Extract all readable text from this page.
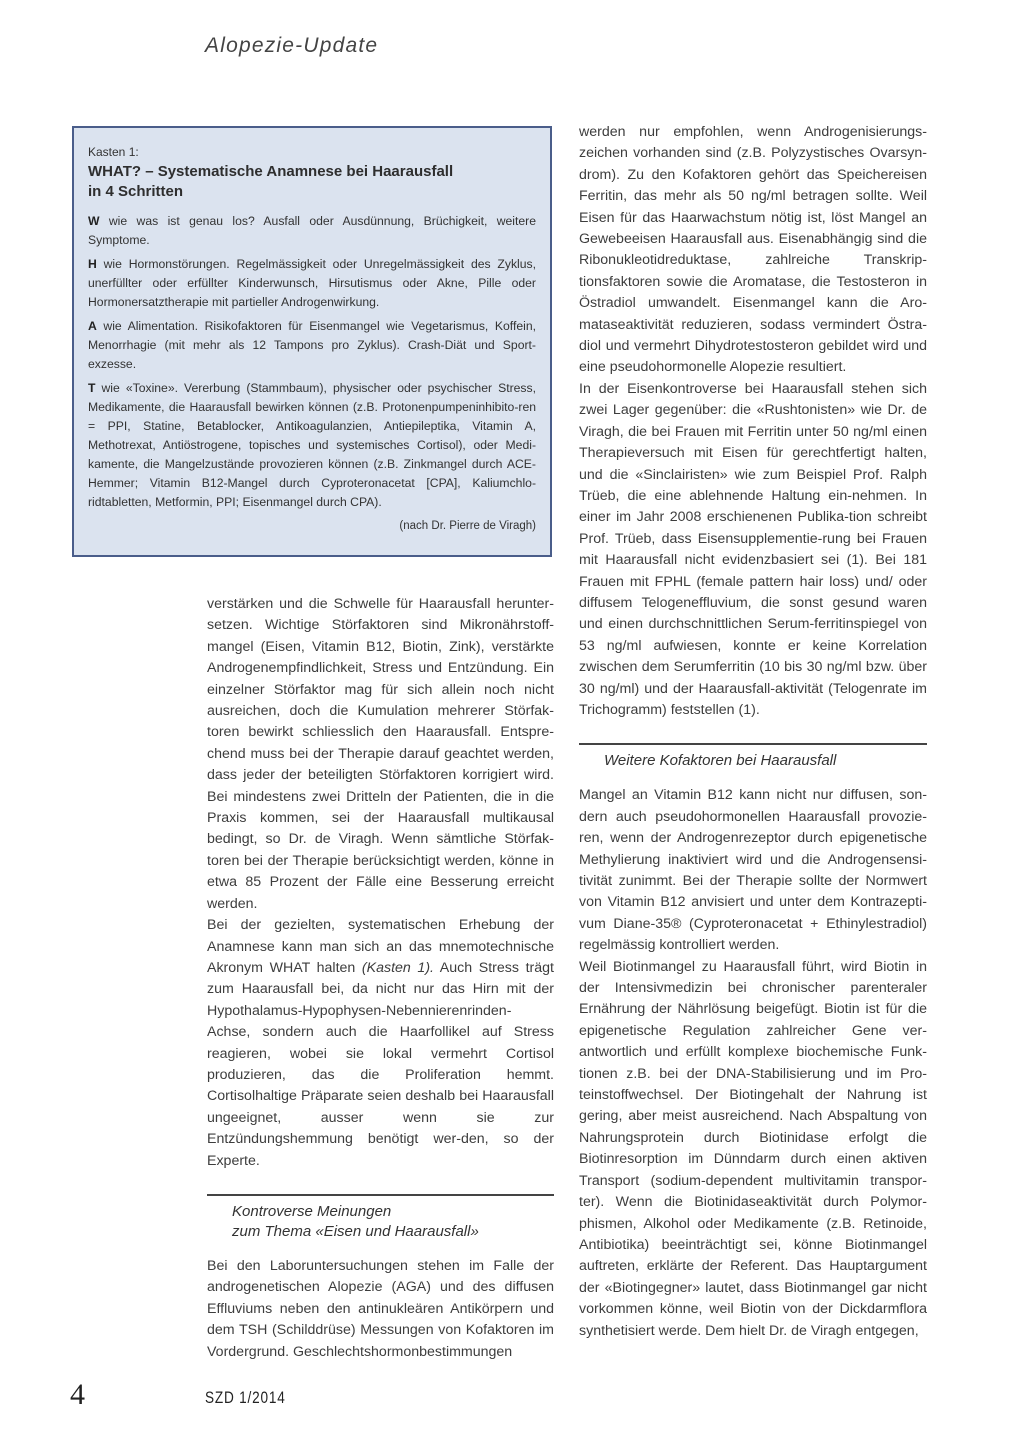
Alopezie-Update
Kasten 1:
WHAT? – Systematische Anamnese bei Haarausfall
in 4 Schritten

W wie was ist genau los? Ausfall oder Ausdünnung, Brüchigkeit, weitere Symptome.

H wie Hormonstörungen. Regelmässigkeit oder Unregelmässigkeit des Zyklus, unerfüllter oder erfüllter Kinderwunsch, Hirsutismus oder Akne, Pille oder Hormonersatztherapie mit partieller Androgenwirkung.

A wie Alimentation. Risikofaktoren für Eisenmangel wie Vegetarismus, Koffein, Menorrhagie (mit mehr als 12 Tampons pro Zyklus). Crash-Diät und Sport-exzesse.

T wie «Toxine». Vererbung (Stammbaum), physischer oder psychischer Stress, Medikamente, die Haarausfall bewirken können (z.B. Protonenpumpeninhibito-ren = PPI, Statine, Betablocker, Antikoagulanzien, Antiepileptika, Vitamin A, Methotrexat, Antiöstrogene, topisches und systemisches Cortisol), oder Medi-kamente, die Mangelzustände provozieren können (z.B. Zinkmangel durch ACE-Hemmer; Vitamin B12-Mangel durch Cyproteronacetat [CPA], Kaliumchlo-ridtabletten, Metformin, PPI; Eisenmangel durch CPA).

(nach Dr. Pierre de Viragh)

verstärken und die Schwelle für Haarausfall herunter-setzen. Wichtige Störfaktoren sind Mikronährstoff-mangel (Eisen, Vitamin B12, Biotin, Zink), verstärkte Androgenempfindlichkeit, Stress und Entzündung. Ein einzelner Störfaktor mag für sich allein noch nicht ausreichen, doch die Kumulation mehrerer Störfak-toren bewirkt schliesslich den Haarausfall. Entspre-chend muss bei der Therapie darauf geachtet werden, dass jeder der beteiligten Störfaktoren korrigiert wird. Bei mindestens zwei Dritteln der Patienten, die in die Praxis kommen, sei der Haarausfall multikausal bedingt, so Dr. de Viragh. Wenn sämtliche Störfak-toren bei der Therapie berücksichtigt werden, könne in etwa 85 Prozent der Fälle eine Besserung erreicht werden.

Bei der gezielten, systematischen Erhebung der Anamnese kann man sich an das mnemotechnische Akronym WHAT halten (Kasten 1). Auch Stress trägt zum Haarausfall bei, da nicht nur das Hirn mit der Hypothalamus-Hypophysen-Nebennierenrinden-Achse, sondern auch die Haarfollikel auf Stress reagieren, wobei sie lokal vermehrt Cortisol produzieren, das die Proliferation hemmt. Cortisolhaltige Präparate seien deshalb bei Haarausfall ungeeignet, ausser wenn sie zur Entzündungshemmung benötigt wer-den, so der Experte.

Kontroverse Meinungen
zum Thema «Eisen und Haarausfall»

Bei den Laboruntersuchungen stehen im Falle der androgenetischen Alopezie (AGA) und des diffusen Effluviums neben den antinukleären Antikörpern und dem TSH (Schilddrüse) Messungen von Kofaktoren im Vordergrund. Geschlechtshormonbestimmungen

werden nur empfohlen, wenn Androgenisierungs-zeichen vorhanden sind (z.B. Polyzystisches Ovarsyn-drom). Zu den Kofaktoren gehört das Speichereisen Ferritin, das mehr als 50 ng/ml betragen sollte. Weil Eisen für das Haarwachstum nötig ist, löst Mangel an Gewebeeisen Haarausfall aus. Eisenabhängig sind die Ribonukleotidreduktase, zahlreiche Transkrip-tionsfaktoren sowie die Aromatase, die Testosteron in Östradiol umwandelt. Eisenmangel kann die Aro-mataseaktivität reduzieren, sodass vermindert Östra-diol und vermehrt Dihydrotestosteron gebildet wird und eine pseudohormonelle Alopezie resultiert.

In der Eisenkontroverse bei Haarausfall stehen sich zwei Lager gegenüber: die «Rushtonisten» wie Dr. de Viragh, die bei Frauen mit Ferritin unter 50 ng/ml einen Therapieversuch mit Eisen für gerechtfertigt halten, und die «Sinclairisten» wie zum Beispiel Prof. Ralph Trüeb, die eine ablehnende Haltung ein-nehmen. In einer im Jahr 2008 erschienenen Publika-tion schreibt Prof. Trüeb, dass Eisensupplementie-rung bei Frauen mit Haarausfall nicht evidenzbasiert sei (1). Bei 181 Frauen mit FPHL (female pattern hair loss) und/ oder diffusem Telogeneffluvium, die sonst gesund waren und einen durchschnittlichen Serum-ferritinspiegel von 53 ng/ml aufwiesen, konnte er keine Korrelation zwischen dem Serumferritin (10 bis 30 ng/ml bzw. über 30 ng/ml) und der Haarausfall-aktivität (Telogenrate im Trichogramm) feststellen (1).

Weitere Kofaktoren bei Haarausfall

Mangel an Vitamin B12 kann nicht nur diffusen, son-dern auch pseudohormonellen Haarausfall provozie-ren, wenn der Androgenrezeptor durch epigenetische Methylierung inaktiviert wird und die Androgensensi-tivität zunimmt. Bei der Therapie sollte der Normwert von Vitamin B12 anvisiert und unter dem Kontrazepti-vum Diane-35® (Cyproteronacetat + Ethinylestradiol) regelmässig kontrolliert werden.

Weil Biotinmangel zu Haarausfall führt, wird Biotin in der Intensivmedizin bei chronischer parenteraler Ernährung der Nährlösung beigefügt. Biotin ist für die epigenetische Regulation zahlreicher Gene ver-antwortlich und erfüllt komplexe biochemische Funk-tionen z.B. bei der DNA-Stabilisierung und im Pro-teinstoffwechsel. Der Biotingehalt der Nahrung ist gering, aber meist ausreichend. Nach Abspaltung von Nahrungsprotein durch Biotinidase erfolgt die Biotinresorption im Dünndarm durch einen aktiven Transport (sodium-dependent multivitamin transpor-ter). Wenn die Biotinidaseaktivität durch Polymor-phismen, Alkohol oder Medikamente (z.B. Retinoide, Antibiotika) beeinträchtigt sei, könne Biotinmangel auftreten, erklärte der Referent. Das Hauptargument der «Biotingegner» lautet, dass Biotinmangel gar nicht vorkommen könne, weil Biotin von der Dickdarmflora synthetisiert werde. Dem hielt Dr. de Viragh entgegen,

4	SZD 1/2014
